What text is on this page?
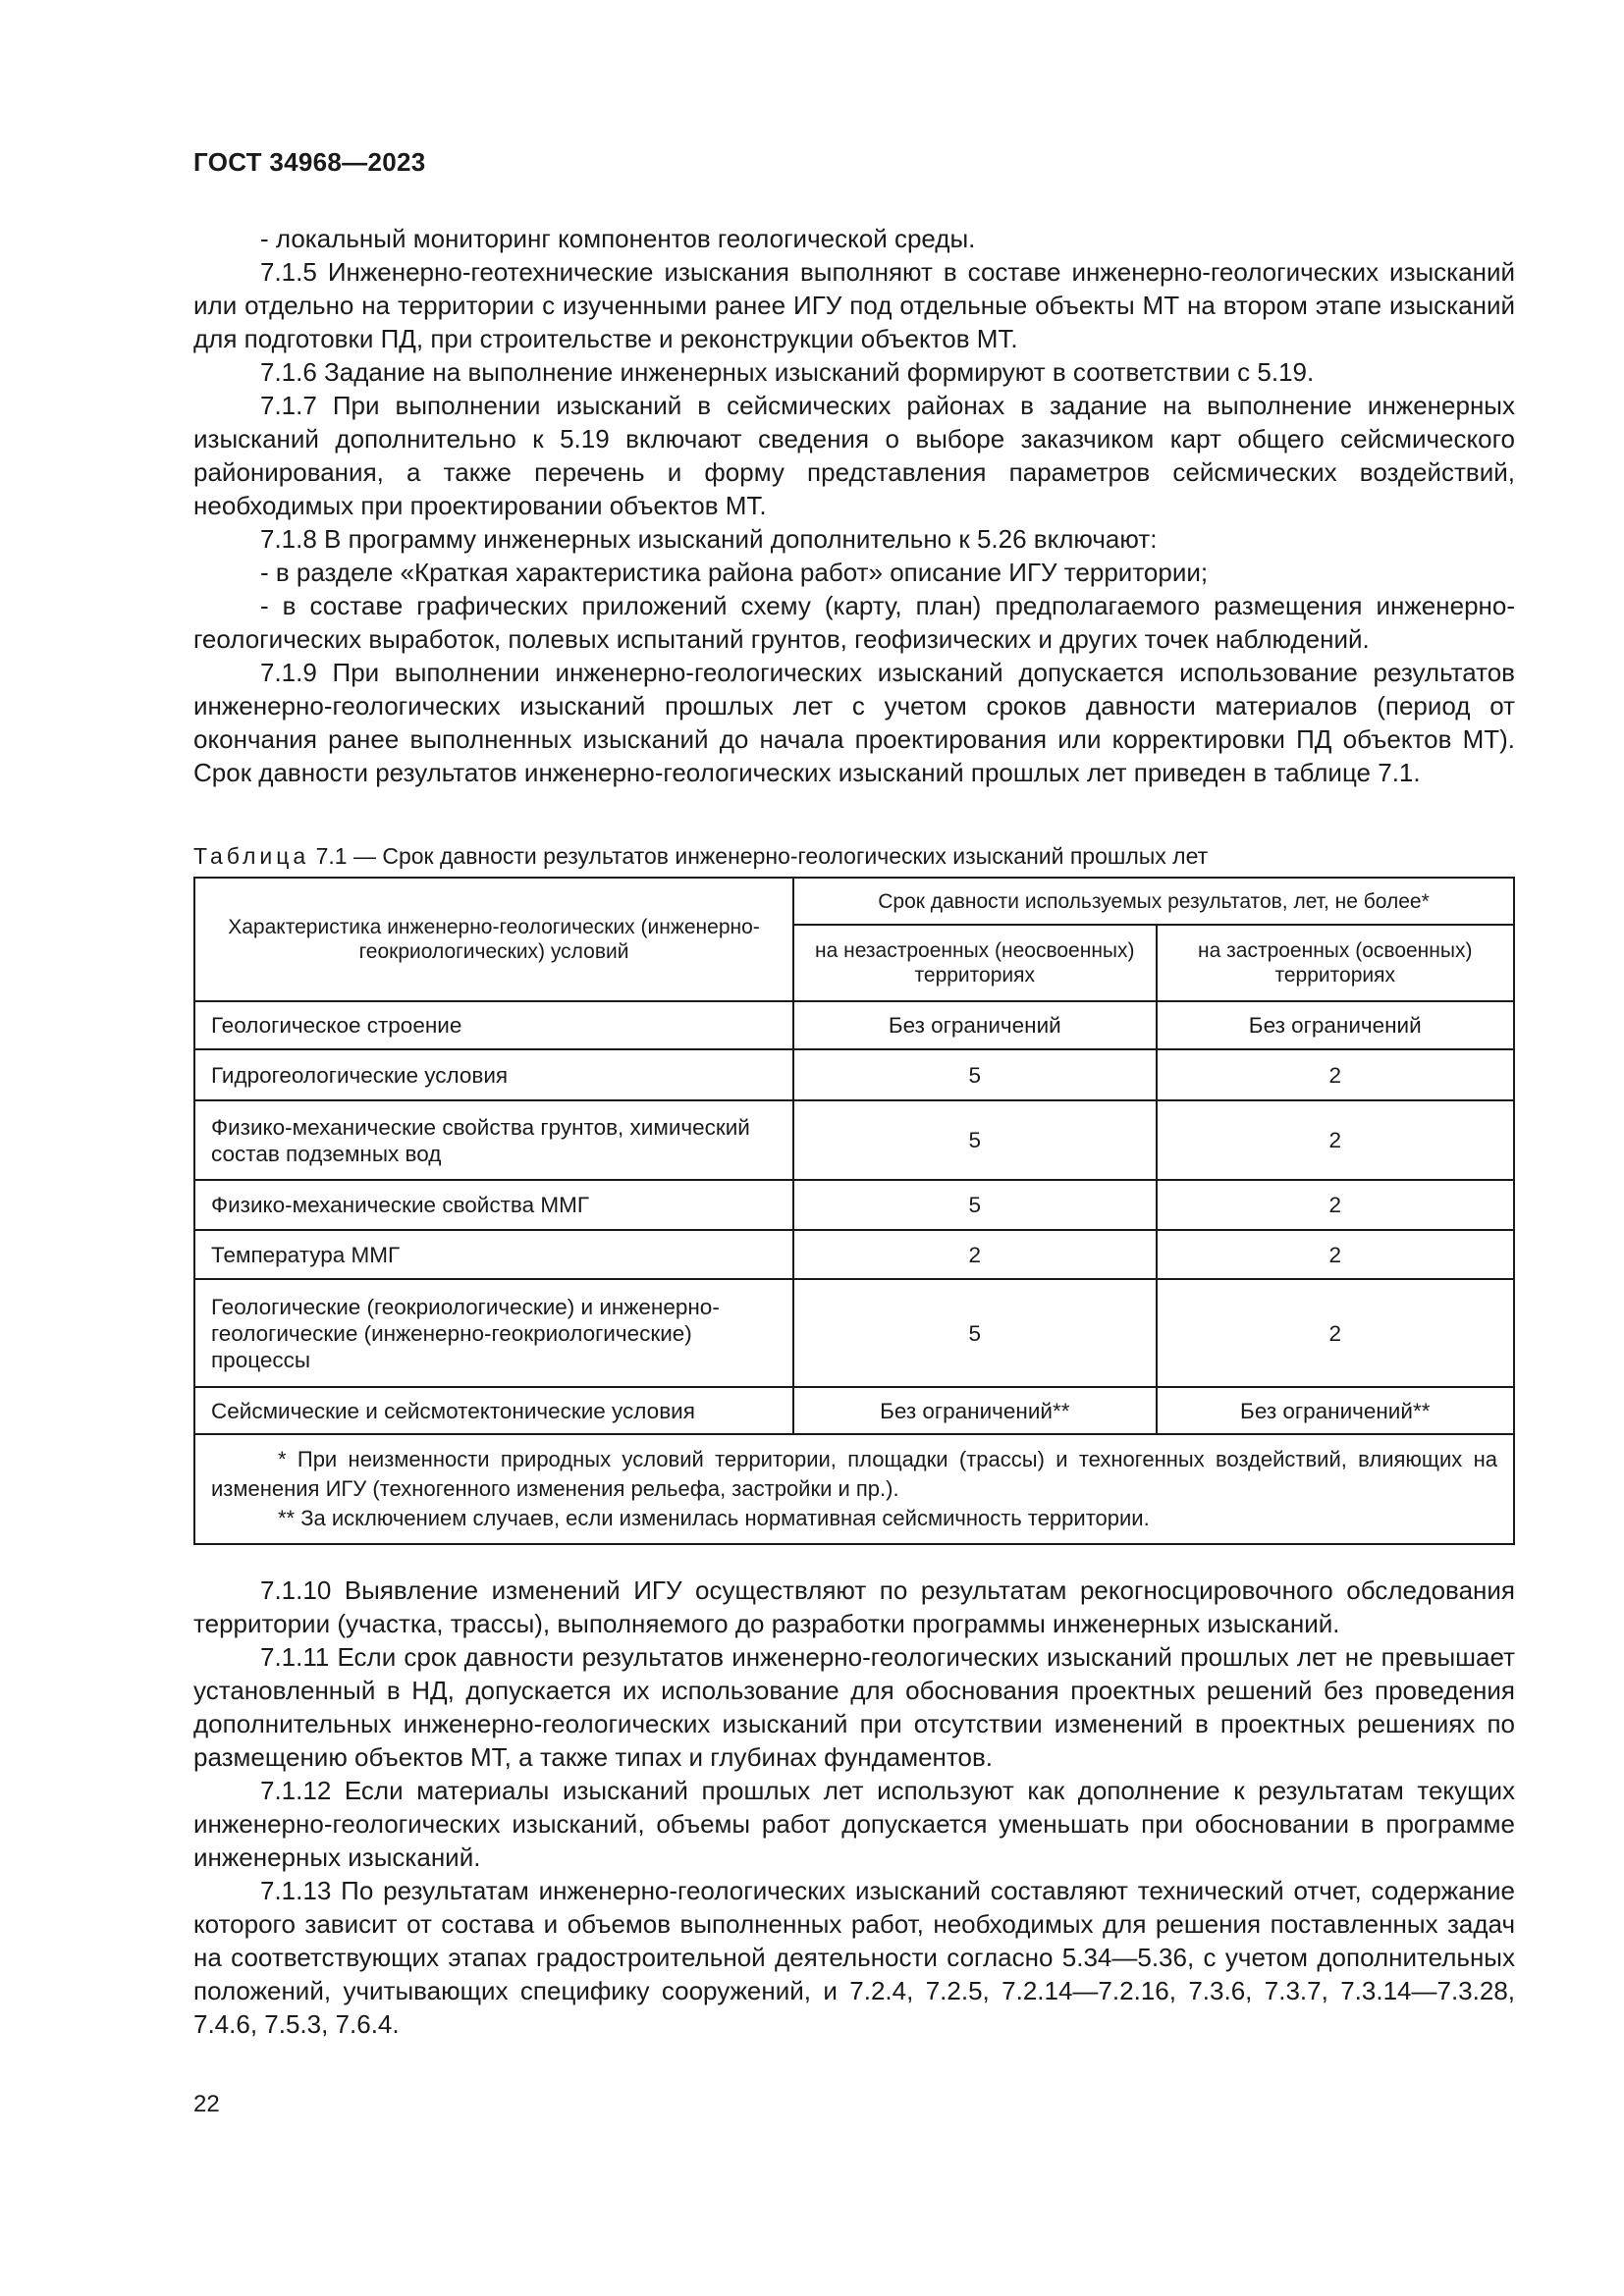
ГОСТ 34968—2023

- локальный мониторинг компонентов геологической среды.

7.1.5 Инженерно-геотехнические изыскания выполняют в составе инженерно-геологических изысканий или отдельно на территории с изученными ранее ИГУ под отдельные объекты МТ на втором этапе изысканий для подготовки ПД, при строительстве и реконструкции объектов МТ.

7.1.6 Задание на выполнение инженерных изысканий формируют в соответствии с 5.19.

7.1.7 При выполнении изысканий в сейсмических районах в задание на выполнение инженерных изысканий дополнительно к 5.19 включают сведения о выборе заказчиком карт общего сейсмического районирования, а также перечень и форму представления параметров сейсмических воздействий, необходимых при проектировании объектов МТ.

7.1.8 В программу инженерных изысканий дополнительно к 5.26 включают:

- в разделе «Краткая характеристика района работ» описание ИГУ территории;

- в составе графических приложений схему (карту, план) предполагаемого размещения инженерно-геологических выработок, полевых испытаний грунтов, геофизических и других точек наблюдений.

7.1.9 При выполнении инженерно-геологических изысканий допускается использование результатов инженерно-геологических изысканий прошлых лет с учетом сроков давности материалов (период от окончания ранее выполненных изысканий до начала проектирования или корректировки ПД объектов МТ). Срок давности результатов инженерно-геологических изысканий прошлых лет приведен в таблице 7.1.

Таблица 7.1 — Срок давности результатов инженерно-геологических изысканий прошлых лет
Характеристика инженерно-геологических (инженерно-геокриологических) условий	Срок давности используемых результатов, лет, не более*	
	на незастроенных (неосвоенных) территориях	на застроенных (освоенных) территориях
Геологическое строение	Без ограничений	Без ограничений
Гидрогеологические условия	5	2
Физико-механические свойства грунтов, химический состав подземных вод	5	2
Физико-механические свойства ММГ	5	2
Температура ММГ	2	2
Геологические (геокриологические) и инженерно-геологические (инженерно-геокриологические) процессы	5	2
Сейсмические и сейсмотектонические условия	Без ограничений**	Без ограничений**

* При неизменности природных условий территории, площадки (трассы) и техногенных воздействий, влияющих на изменения ИГУ (техногенного изменения рельефа, застройки и пр.).

** За исключением случаев, если изменилась нормативная сейсмичность территории.		

7.1.10 Выявление изменений ИГУ осуществляют по результатам рекогносцировочного обследования территории (участка, трассы), выполняемого до разработки программы инженерных изысканий.

7.1.11 Если срок давности результатов инженерно-геологических изысканий прошлых лет не превышает установленный в НД, допускается их использование для обоснования проектных решений без проведения дополнительных инженерно-геологических изысканий при отсутствии изменений в проектных решениях по размещению объектов МТ, а также типах и глубинах фундаментов.

7.1.12 Если материалы изысканий прошлых лет используют как дополнение к результатам текущих инженерно-геологических изысканий, объемы работ допускается уменьшать при обосновании в программе инженерных изысканий.

7.1.13 По результатам инженерно-геологических изысканий составляют технический отчет, содержание которого зависит от состава и объемов выполненных работ, необходимых для решения поставленных задач на соответствующих этапах градостроительной деятельности согласно 5.34—5.36, с учетом дополнительных положений, учитывающих специфику сооружений, и 7.2.4, 7.2.5, 7.2.14—7.2.16, 7.3.6, 7.3.7, 7.3.14—7.3.28, 7.4.6, 7.5.3, 7.6.4.

22
